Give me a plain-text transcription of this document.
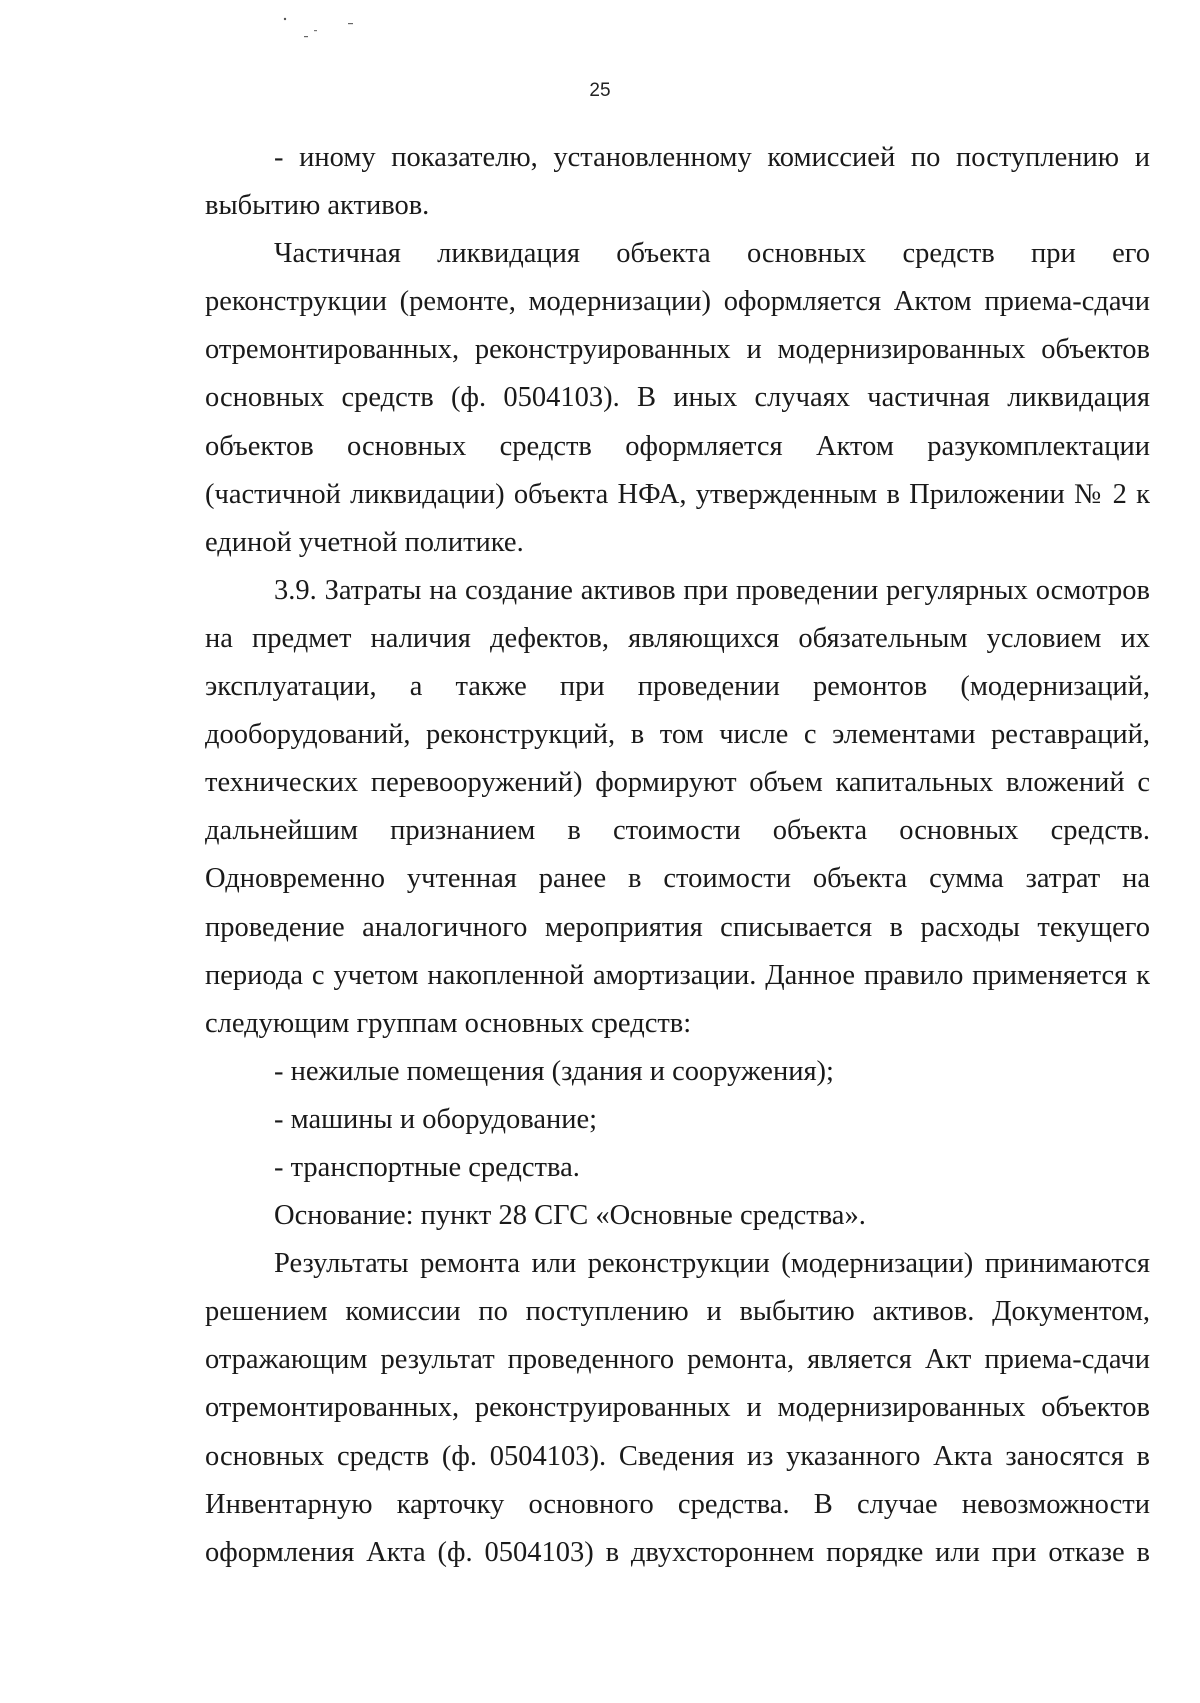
25

- иному показателю, установленному комиссией по поступлению и выбытию активов.

Частичная ликвидация объекта основных средств при его реконструкции (ремонте, модернизации) оформляется Актом приема-сдачи отремонтированных, реконструированных и модернизированных объектов основных средств (ф. 0504103). В иных случаях частичная ликвидация объектов основных средств оформляется Актом разукомплектации (частичной ликвидации) объекта НФА, утвержденным в Приложении № 2 к единой учетной политике.

3.9. Затраты на создание активов при проведении регулярных осмотров на предмет наличия дефектов, являющихся обязательным условием их эксплуатации, а также при проведении ремонтов (модернизаций, дооборудований, реконструкций, в том числе с элементами реставраций, технических перевооружений) формируют объем капитальных вложений с дальнейшим признанием в стоимости объекта основных средств. Одновременно учтенная ранее в стоимости объекта сумма затрат на проведение аналогичного мероприятия списывается в расходы текущего периода с учетом накопленной амортизации. Данное правило применяется к следующим группам основных средств:

- нежилые помещения (здания и сооружения);

- машины и оборудование;

- транспортные средства.

Основание: пункт 28 СГС «Основные средства».

Результаты ремонта или реконструкции (модернизации) принимаются решением комиссии по поступлению и выбытию активов. Документом, отражающим результат проведенного ремонта, является Акт приема-сдачи отремонтированных, реконструированных и модернизированных объектов основных средств (ф. 0504103). Сведения из указанного Акта заносятся в Инвентарную карточку основного средства. В случае невозможности оформления Акта (ф. 0504103) в двухстороннем порядке или при отказе в
